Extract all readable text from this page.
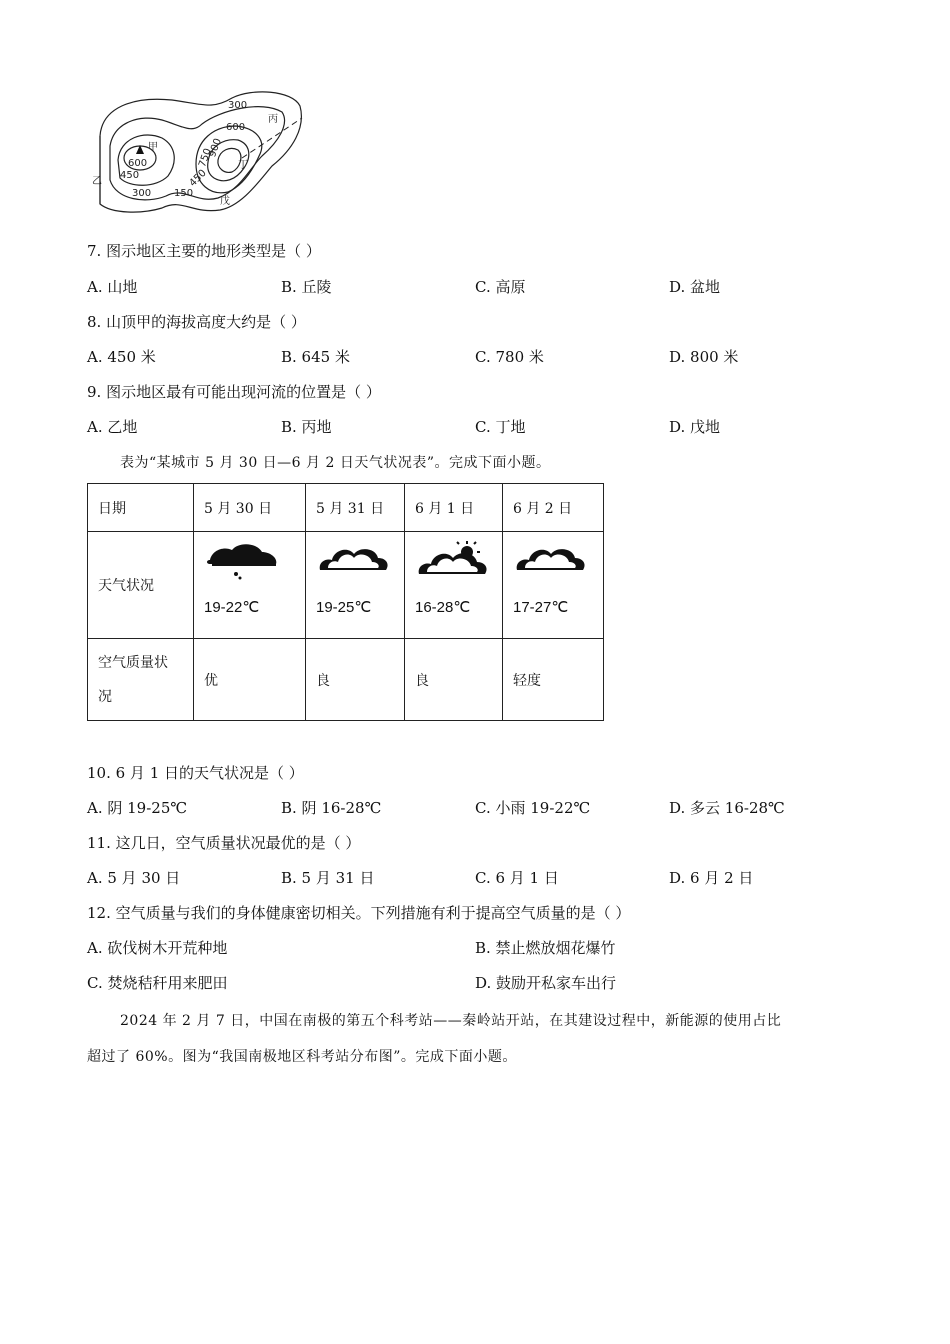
甲
乙
丙
丁
戊
300
600
600
450
300 150
900
750
450
7. 图示地区主要的地形类型是（ ）
A. 山地	B. 丘陵	C. 高原	D. 盆地
8. 山顶甲的海拔高度大约是（ ）
A. 450 米	B. 645 米	C. 780 米	D. 800 米
9. 图示地区最有可能出现河流的位置是（ ）
A. 乙地	B. 丙地	C. 丁地	D. 戊地
表为“某城市 5 月 30 日—6 月 2 日天气状况表”。完成下面小题。
日期	5 月 30 日	5 月 31 日	6 月 1 日	6 月 2 日
天气状况	19-22℃	19-25℃	16-28℃	17-27℃

空气质量状
况	优	良	良	轻度
10. 6 月 1 日的天气状况是（ ）
A. 阴 19-25℃	B. 阴 16-28℃	C. 小雨 19-22℃	D. 多云 16-28℃
11. 这几日，空气质量状况最优的是（ ）
A. 5 月 30 日	B. 5 月 31 日	C. 6 月 1 日	D. 6 月 2 日
12. 空气质量与我们的身体健康密切相关。下列措施有利于提高空气质量的是（ ）
A. 砍伐树木开荒种地	B. 禁止燃放烟花爆竹
C. 焚烧秸秆用来肥田	D. 鼓励开私家车出行
2024 年 2 月 7 日，中国在南极的第五个科考站——秦岭站开站，在其建设过程中，新能源的使用占比
超过了 60%。图为“我国南极地区科考站分布图”。完成下面小题。
